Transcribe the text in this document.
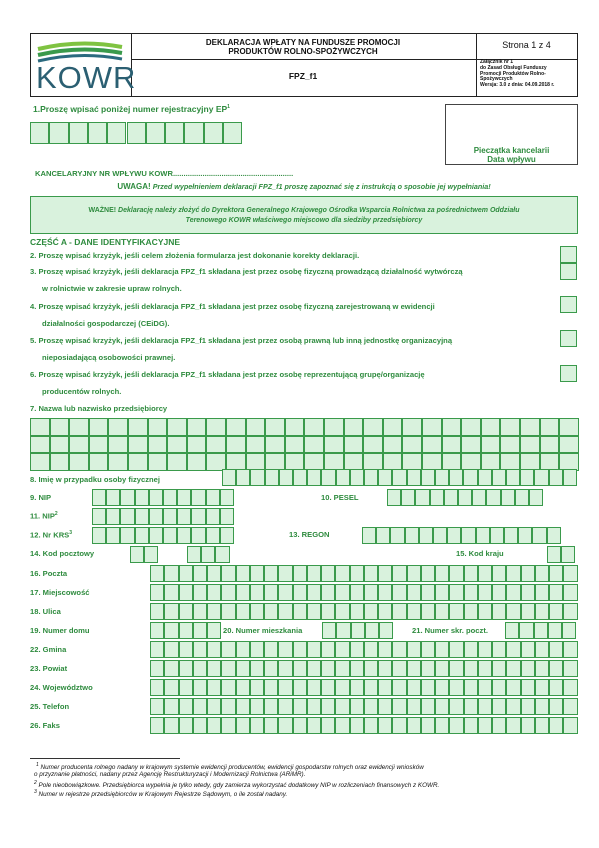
KOWR
DEKLARACJA WPŁATY NA FUNDUSZE PROMOCJI
PRODUKTÓW ROLNO-SPOŻYWCZYCH
FPZ_f1
Strona 1 z 4
Załącznik nr 1
do Zasad Obsługi Funduszy
Promocji Produktów Rolno-
Spożywczych
Wersja: 3.0 z dnia: 04.09.2018 r.
1.Proszę wpisać poniżej numer rejestracyjny $EP^1$
Pieczątka kancelarii
Data wpływu
KANCELARYJNY NR WPŁYWU KOWR.........................................................
UWAGA! Przed wypełnieniem deklaracji FPZ_f1 proszę zapoznać się z instrukcją o sposobie jej wypełniania!
WAŻNE! Deklarację należy złożyć do Dyrektora Generalnego Krajowego Ośrodka Wsparcia Rolnictwa za pośrednictwem Oddziału
Terenowego KOWR właściwego miejscowo dla siedziby przedsiębiorcy
CZĘŚĆ A - DANE IDENTYFIKACYJNE
2. Proszę wpisać krzyżyk, jeśli celem złożenia formularza jest dokonanie korekty deklaracji.
3. Proszę wpisać krzyżyk, jeśli deklaracja FPZ_f1 składana jest przez osobę fizyczną prowadzącą działalność wytwórczą
w rolnictwie w zakresie upraw rolnych.
4. Proszę wpisać krzyżyk, jeśli deklaracja FPZ_f1 składana jest przez osobę fizyczną zarejestrowaną w ewidencji
działalności gospodarczej (CEiDG).
5. Proszę wpisać krzyżyk, jeśli deklaracja FPZ_f1 składana jest przez osobą prawną lub inną jednostkę organizacyjną
nieposiadającą osobowości prawnej.
6. Proszę wpisać krzyżyk, jeśli deklaracja FPZ_f1 składana jest przez osobę reprezentującą grupę/organizację
producentów rolnych.
7. Nazwa lub nazwisko przedsiębiorcy
8. Imię w przypadku osoby fizycznej
9. NIP	10. PESEL
11. NIP$^2$
12. Nr KRS$^3$	13. REGON
14. Kod pocztowy	15. Kod kraju
16. Poczta
17. Miejscowość
18. Ulica
19. Numer domu	20. Numer mieszkania	21. Numer skr. poczt.
22. Gmina
23. Powiat
24. Województwo
25. Telefon
26. Faks
$^1$ Numer producenta rolnego nadany w krajowym systemie ewidencji producentów, ewidencji gospodarstw rolnych oraz ewidencji wniosków
o przyznanie płatności, nadany przez Agencję Restrukturyzacji i Modernizacji Rolnictwa (ARiMR).
$^2$ Pole nieobowiązkowe. Przedsiębiorca wypełnia je tylko wtedy, gdy zamierza wykorzystać dodatkowy NIP w rozliczeniach finansowych z KOWR.
$^3$ Numer w rejestrze przedsiębiorców w Krajowym Rejestrze Sądowym, o ile został nadany.
